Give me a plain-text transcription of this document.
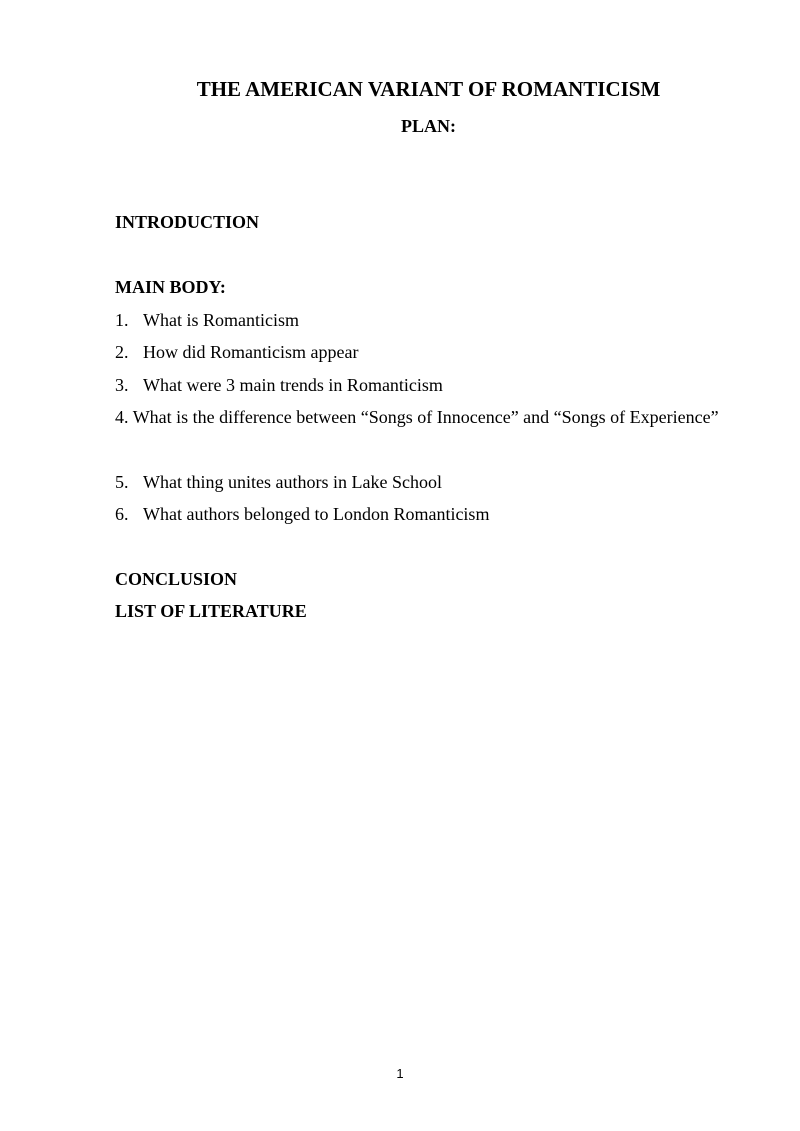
THE AMERICAN VARIANT OF ROMANTICISM
PLAN:
INTRODUCTION
MAIN BODY:
1. What is Romanticism
2. How did Romanticism appear
3. What were 3 main trends in Romanticism
4. What is the difference between “Songs of Innocence” and “Songs of Experience”
5. What thing unites authors in Lake School
6. What authors belonged to London Romanticism
CONCLUSION
LIST OF LITERATURE
1
